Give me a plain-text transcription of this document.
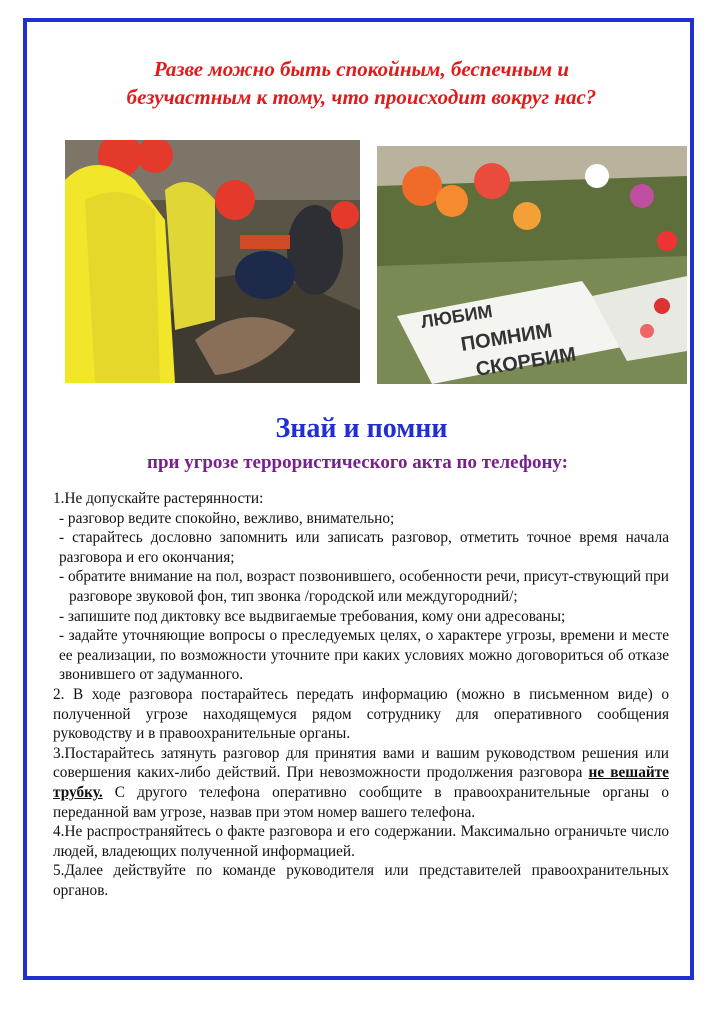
Разве можно быть спокойным, беспечным и
безучастным к тому, что происходит вокруг нас?
ЛЮБИМ
ПОМНИМ
СКОРБИМ
Знай и помни
при угрозе террористического акта по телефону:

1.Не допускайте растерянности:

- разговор ведите спокойно, вежливо, внимательно;

- старайтесь дословно запомнить или записать разговор, отметить точное время начала разговора и его окончания;

- обратите внимание на пол, возраст позвонившего, особенности речи, присут-ствующий при разговоре звуковой фон, тип звонка /городской или междугородний/;

- запишите под диктовку все выдвигаемые требования, кому они адресованы;

- задайте уточняющие вопросы о преследуемых целях, о характере угрозы, времени и месте ее реализации, по возможности уточните при каких условиях можно договориться об отказе звонившего от задуманного.

2. В ходе разговора постарайтесь передать информацию (можно в письменном виде) о полученной угрозе находящемуся рядом сотруднику для оперативного сообщения руководству и в правоохранительные органы.

3.Постарайтесь затянуть разговор для принятия вами и вашим руководством решения или совершения каких-либо действий. При невозможности продолжения разговора не вешайте трубку. С другого телефона оперативно сообщите в правоохранительные органы о переданной вам угрозе, назвав при этом номер вашего телефона.

4.Не распространяйтесь о факте разговора и его содержании. Максимально ограничьте число людей, владеющих полученной информацией.

5.Далее действуйте по команде руководителя или представителей правоохранительных органов.
